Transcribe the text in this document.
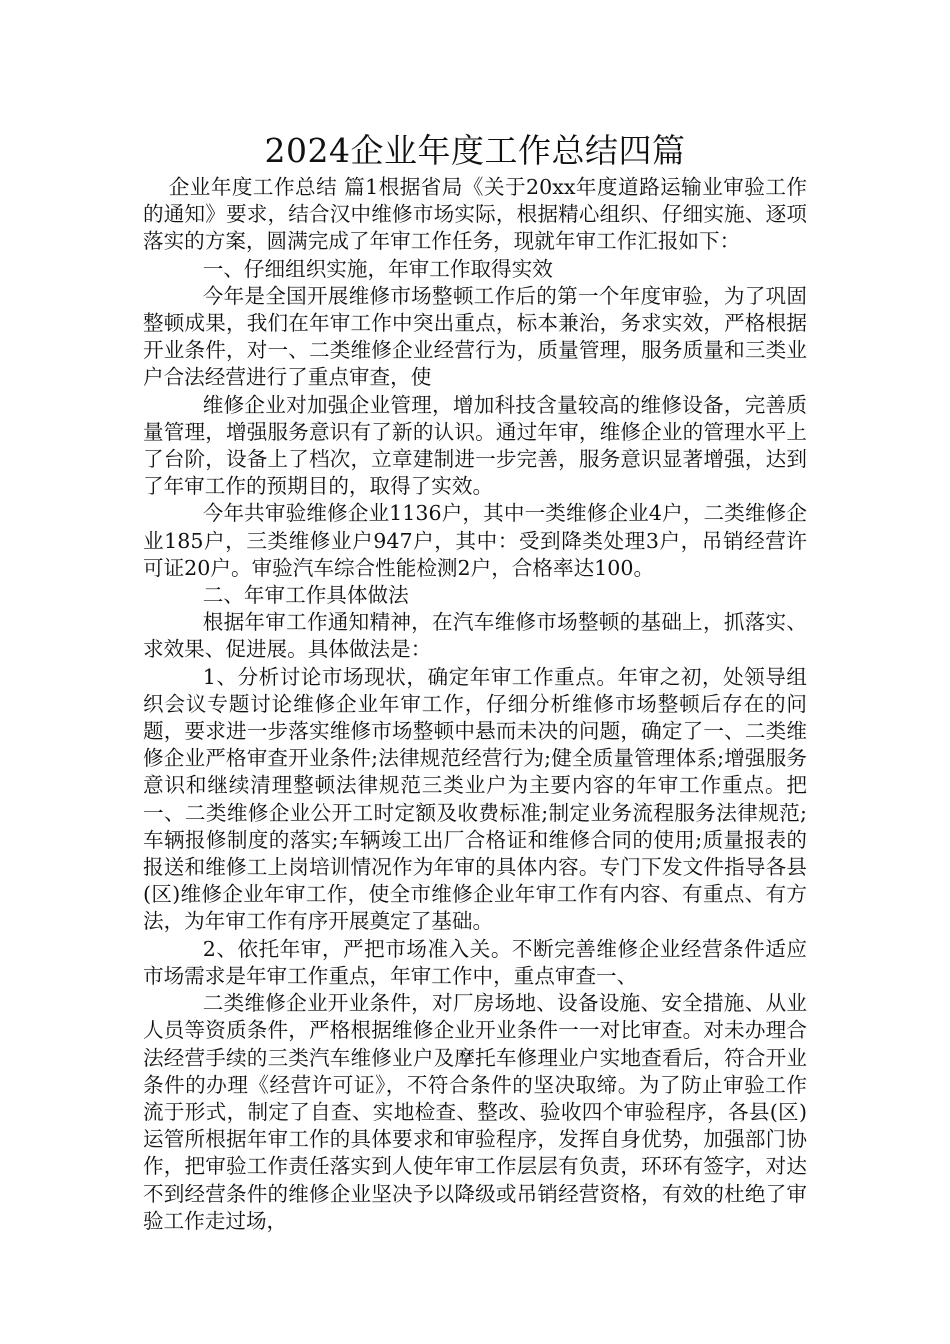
2024企业年度工作总结四篇

企业年度工作总结 篇1根据省局《关于20xx年度道路运输业审验工作的通知》要求，结合汉中维修市场实际，根据精心组织、仔细实施、逐项落实的方案，圆满完成了年审工作任务，现就年审工作汇报如下：

一、仔细组织实施，年审工作取得实效

今年是全国开展维修市场整顿工作后的第一个年度审验，为了巩固整顿成果，我们在年审工作中突出重点，标本兼治，务求实效，严格根据开业条件，对一、二类维修企业经营行为，质量管理，服务质量和三类业户合法经营进行了重点审查，使

维修企业对加强企业管理，增加科技含量较高的维修设备，完善质量管理，增强服务意识有了新的认识。通过年审，维修企业的管理水平上了台阶，设备上了档次，立章建制进一步完善，服务意识显著增强，达到了年审工作的预期目的，取得了实效。

今年共审验维修企业1136户，其中一类维修企业4户，二类维修企业185户，三类维修业户947户，其中：受到降类处理3户，吊销经营许可证20户。审验汽车综合性能检测2户，合格率达100。

二、年审工作具体做法

根据年审工作通知精神，在汽车维修市场整顿的基础上，抓落实、求效果、促进展。具体做法是：

1、分析讨论市场现状，确定年审工作重点。年审之初，处领导组织会议专题讨论维修企业年审工作，仔细分析维修市场整顿后存在的问题，要求进一步落实维修市场整顿中悬而未决的问题，确定了一、二类维修企业严格审查开业条件;法律规范经营行为;健全质量管理体系;增强服务意识和继续清理整顿法律规范三类业户为主要内容的年审工作重点。把一、二类维修企业公开工时定额及收费标准;制定业务流程服务法律规范;车辆报修制度的落实;车辆竣工出厂合格证和维修合同的使用;质量报表的报送和维修工上岗培训情况作为年审的具体内容。专门下发文件指导各县(区)维修企业年审工作，使全市维修企业年审工作有内容、有重点、有方法，为年审工作有序开展奠定了基础。

2、依托年审，严把市场准入关。不断完善维修企业经营条件适应市场需求是年审工作重点，年审工作中，重点审查一、

二类维修企业开业条件，对厂房场地、设备设施、安全措施、从业人员等资质条件，严格根据维修企业开业条件一一对比审查。对未办理合法经营手续的三类汽车维修业户及摩托车修理业户实地查看后，符合开业条件的办理《经营许可证》，不符合条件的坚决取缔。为了防止审验工作流于形式，制定了自查、实地检查、整改、验收四个审验程序，各县(区)运管所根据年审工作的具体要求和审验程序，发挥自身优势，加强部门协作，把审验工作责任落实到人使年审工作层层有负责，环环有签字，对达不到经营条件的维修企业坚决予以降级或吊销经营资格，有效的杜绝了审验工作走过场，
